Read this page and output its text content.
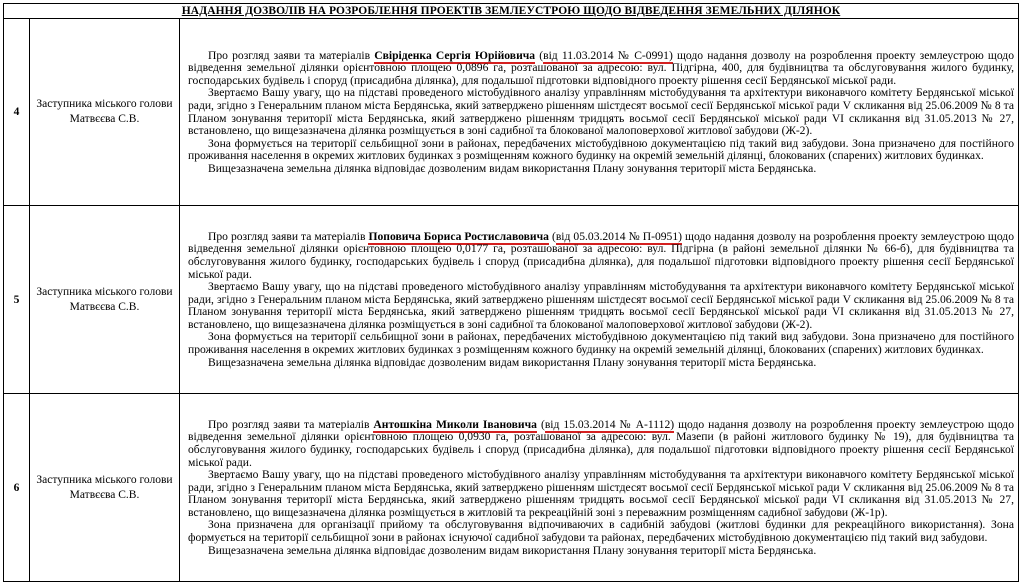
НАДАННЯ ДОЗВОЛІВ НА РОЗРОБЛЕННЯ ПРОЕКТІВ ЗЕМЛЕУСТРОЮ ЩОДО ВІДВЕДЕННЯ ЗЕМЕЛЬНИХ ДІЛЯНОК		
4	Заступника міського голови Матвєєва С.В.	Про розгляд заяви та матеріалів Свіріденка Сергія Юрійовича (від 11.03.2014 № С-0991) щодо надання дозволу на розроблення проекту землеустрою щодо відведення земельної ділянки орієнтовною площею 0,0896 га, розташованої за адресою: вул. Підгірна, 400, для будівництва та обслуговування жилого будинку, господарських будівель і споруд (присадибна ділянка), для подальшої підготовки відповідного проекту рішення сесії Бердянської міської ради.

Звертаємо Вашу увагу, що на підставі проведеного містобудівного аналізу управлінням містобудування та архітектури виконавчого комітету Бердянської міської ради, згідно з Генеральним планом міста Бердянська, який затверджено рішенням шістдесят восьмої сесії Бердянської міської ради V скликання від 25.06.2009 № 8 та Планом зонування території міста Бердянська, який затверджено рішенням тридцять восьмої сесії Бердянської міської ради VI скликання від 31.05.2013 № 27, встановлено, що вищезазначена ділянка розміщується в зоні садибної та блокованої малоповерхової житлової забудови (Ж-2).

Зона формується на території сельбищної зони в районах, передбачених містобудівною документацією під такий вид забудови. Зона призначено для постійного проживання населення в окремих житлових будинках з розміщенням кожного будинку на окремій земельній ділянці, блокованих (спарених) житлових будинках.

Вищезазначена земельна ділянка відповідає дозволеним видам використання Плану зонування території міста Бердянська.

5	Заступника міського голови Матвєєва С.В.	Про розгляд заяви та матеріалів Поповича Бориса Ростиславовича (від 05.03.2014 № П-0951) щодо надання дозволу на розроблення проекту землеустрою щодо відведення земельної ділянки орієнтовною площею 0,0177 га, розташованої за адресою: вул. Підгірна (в районі земельної ділянки № 66-б), для будівництва та обслуговування жилого будинку, господарських будівель і споруд (присадибна ділянка), для подальшої підготовки відповідного проекту рішення сесії Бердянської міської ради.

Звертаємо Вашу увагу, що на підставі проведеного містобудівного аналізу управлінням містобудування та архітектури виконавчого комітету Бердянської міської ради, згідно з Генеральним планом міста Бердянська, який затверджено рішенням шістдесят восьмої сесії Бердянської міської ради V скликання від 25.06.2009 № 8 та Планом зонування території міста Бердянська, який затверджено рішенням тридцять восьмої сесії Бердянської міської ради VI скликання від 31.05.2013 № 27, встановлено, що вищезазначена ділянка розміщується в зоні садибної та блокованої малоповерхової житлової забудови (Ж-2).

Зона формується на території сельбищної зони в районах, передбачених містобудівною документацією під такий вид забудови. Зона призначено для постійного проживання населення в окремих житлових будинках з розміщенням кожного будинку на окремій земельній ділянці, блокованих (спарених) житлових будинках.

Вищезазначена земельна ділянка відповідає дозволеним видам використання Плану зонування території міста Бердянська.

6	Заступника міського голови Матвєєва С.В.	Про розгляд заяви та матеріалів Антошкіна Миколи Івановича (від 15.03.2014 № А-1112) щодо надання дозволу на розроблення проекту землеустрою щодо відведення земельної ділянки орієнтовною площею 0,0930 га, розташованої за адресою: вул. Мазепи (в районі житлового будинку № 19), для будівництва та обслуговування жилого будинку, господарських будівель і споруд (присадибна ділянка), для подальшої підготовки відповідного проекту рішення сесії Бердянської міської ради.

Звертаємо Вашу увагу, що на підставі проведеного містобудівного аналізу управлінням містобудування та архітектури виконавчого комітету Бердянської міської ради, згідно з Генеральним планом міста Бердянська, який затверджено рішенням шістдесят восьмої сесії Бердянської міської ради V скликання від 25.06.2009 № 8 та Планом зонування території міста Бердянська, який затверджено рішенням тридцять восьмої сесії Бердянської міської ради VI скликання від 31.05.2013 № 27, встановлено, що вищезазначена ділянка розміщується в житловій та рекреаційній зоні з переважним розміщенням садибної забудови (Ж-1р).

Зона призначена для організації прийому та обслуговування відпочиваючих в садибній забудові (житлові будинки для рекреаційного використання). Зона формується на території сельбищної зони в районах існуючої садибної забудови та районах, передбачених містобудівною документацією під такий вид забудови.

Вищезазначена земельна ділянка відповідає дозволеним видам використання Плану зонування території міста Бердянська.
